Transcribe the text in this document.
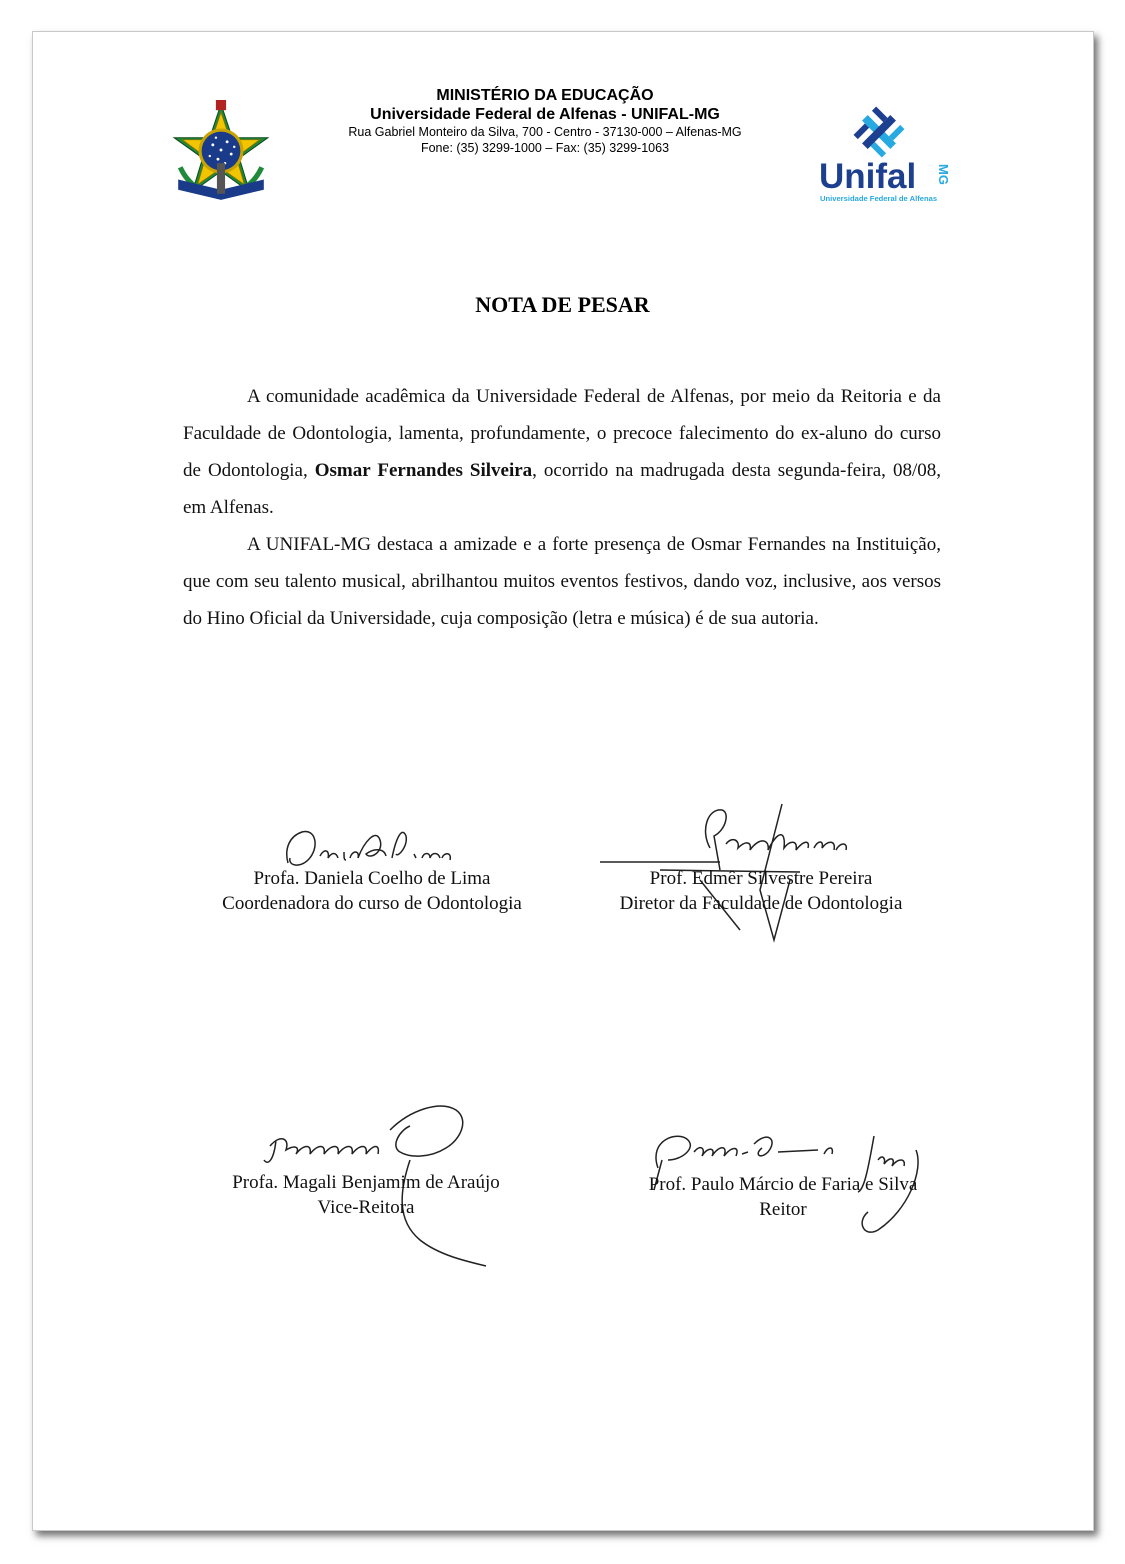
MINISTÉRIO DA EDUCAÇÃO
Universidade Federal de Alfenas - UNIFAL-MG
Rua Gabriel Monteiro da Silva, 700 - Centro - 37130-000 – Alfenas-MG
Fone: (35) 3299-1000 – Fax: (35) 3299-1063
Unifal MG
Universidade Federal de Alfenas
NOTA DE PESAR

A comunidade acadêmica da Universidade Federal de Alfenas, por meio da Reitoria e da Faculdade de Odontologia, lamenta, profundamente, o precoce falecimento do ex-aluno do curso de Odontologia, Osmar Fernandes Silveira, ocorrido na madrugada desta segunda-feira, 08/08, em Alfenas.

A UNIFAL-MG destaca a amizade e a forte presença de Osmar Fernandes na Instituição, que com seu talento musical, abrilhantou muitos eventos festivos, dando voz, inclusive, aos versos do Hino Oficial da Universidade, cuja composição (letra e música) é de sua autoria.

Profa. Daniela Coelho de Lima
Coordenadora do curso de Odontologia
Prof. Edmêr Silvestre Pereira
Diretor da Faculdade de Odontologia
Profa. Magali Benjamim de Araújo
Vice-Reitora
Prof. Paulo Márcio de Faria e Silva
Reitor
